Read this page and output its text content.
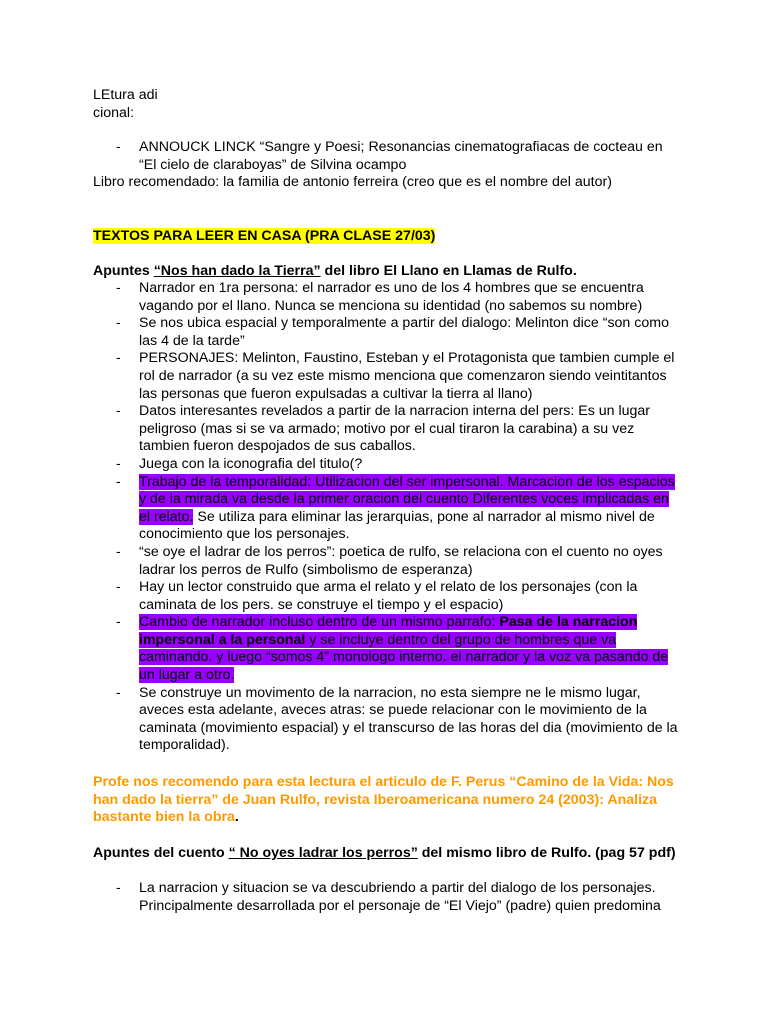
LEtura adi
cional:

- ANNOUCK LINCK “Sangre y Poesi; Resonancias cinematografiacas de cocteau en “El cielo de claraboyas” de Silvina ocampo

Libro recomendado: la familia de antonio ferreira (creo que es el nombre del autor)

TEXTOS PARA LEER EN CASA (PRA CLASE 27/03)

Apuntes “Nos han dado la Tierra” del libro El Llano en Llamas de Rulfo.

- Narrador en 1ra persona: el narrador es uno de los 4 hombres que se encuentra vagando por el llano. Nunca se menciona su identidad (no sabemos su nombre)
- Se nos ubica espacial y temporalmente a partir del dialogo: Melinton dice “son como las 4 de la tarde”
- PERSONAJES: Melinton, Faustino, Esteban y el Protagonista que tambien cumple el rol de narrador (a su vez este mismo menciona que comenzaron siendo veintitantos las personas que fueron expulsadas a cultivar la tierra al llano)
- Datos interesantes revelados a partir de la narracion interna del pers: Es un lugar peligroso (mas si se va armado; motivo por el cual tiraron la carabina) a su vez tambien fueron despojados de sus caballos.
- Juega con la iconografia del titulo(?
- Trabajo de la temporalidad: Utilizacion del ser impersonal. Marcacion de los espacios y de la mirada va desde la primer oracion del cuento Diferentes voces implicadas en el relato. Se utiliza para eliminar las jerarquias, pone al narrador al mismo nivel de conocimiento que los personajes.
- “se oye el ladrar de los perros”: poetica de rulfo, se relaciona con el cuento no oyes ladrar los perros de Rulfo (simbolismo de esperanza)
- Hay un lector construido que arma el relato y el relato de los personajes (con la caminata de los pers. se construye el tiempo y el espacio)
- Cambio de narrador incluso dentro de un mismo parrafo: Pasa de la narracion impersonal a la personal y se incluye dentro del grupo de hombres que va caminando. y luego “somos 4” monologo interno. el narrador y la voz va pasando de un lugar a otro.
- Se construye un movimento de la narracion, no esta siempre ne le mismo lugar, aveces esta adelante, aveces atras: se puede relacionar con le movimiento de la caminata (movimiento espacial) y el transcurso de las horas del dia (movimiento de la temporalidad).

Profe nos recomendo para esta lectura el articulo de F. Perus “Camino de la Vida: Nos han dado la tierra” de Juan Rulfo, revista Iberoamericana numero 24 (2003): Analiza bastante bien la obra.

Apuntes del cuento “ No oyes ladrar los perros” del mismo libro de Rulfo. (pag 57 pdf)

- La narracion y situacion se va descubriendo a partir del dialogo de los personajes. Principalmente desarrollada por el personaje de “El Viejo” (padre) quien predomina
